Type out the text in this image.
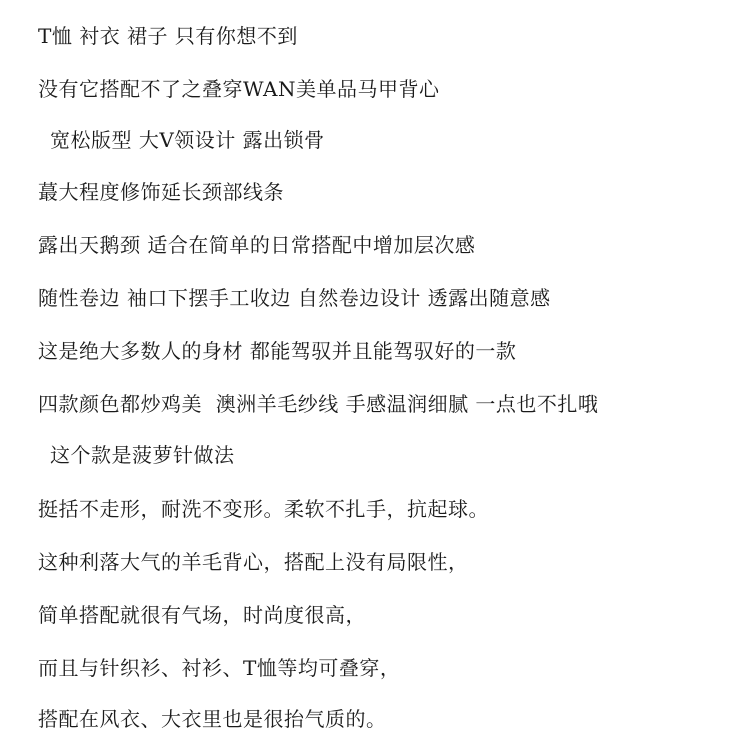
T恤 衬衣 裙子 只有你想不到

没有它搭配不了之叠穿WAN美单品马甲背心

宽松版型 大V领设计 露出锁骨

蕞大程度修饰延长颈部线条

露出天鹅颈 适合在简单的日常搭配中增加层次感

随性卷边 袖口下摆手工收边 自然卷边设计 透露出随意感

这是绝大多数人的身材 都能驾驭并且能驾驭好的一款

四款颜色都炒鸡美  澳洲羊毛纱线 手感温润细腻 一点也不扎哦

这个款是菠萝针做法

挺括不走形，耐洗不变形。柔软不扎手，抗起球。

这种利落大气的羊毛背心，搭配上没有局限性，

简单搭配就很有气场，时尚度很高，

而且与针织衫、衬衫、T恤等均可叠穿，

搭配在风衣、大衣里也是很抬气质的。
